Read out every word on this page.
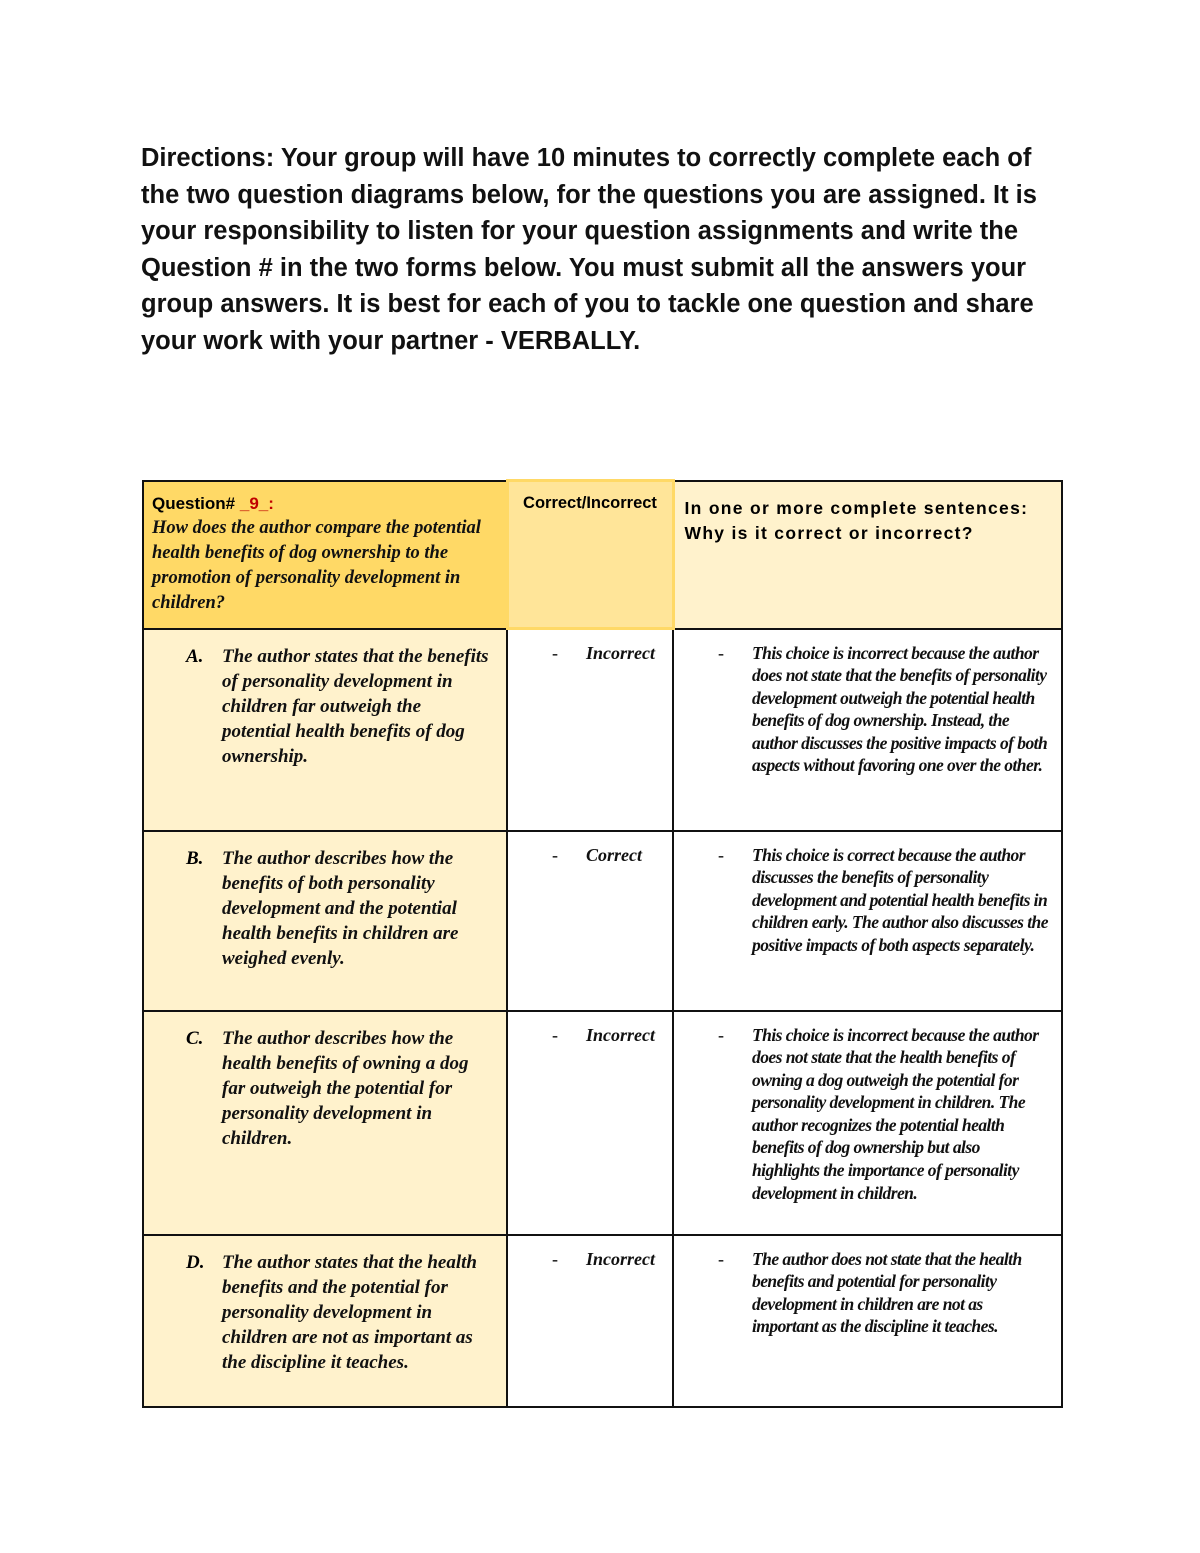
Directions: Your group will have 10 minutes to correctly complete each of the two question diagrams below, for the questions you are assigned. It is your responsibility to listen for your question assignments and write the Question # in the two forms below. You must submit all the answers your group answers. It is best for each of you to tackle one question and share your work with your partner - VERBALLY.
Question# _9_:
How does the author compare the potential health benefits of dog ownership to the promotion of personality development in children?	Correct/Incorrect	In one or more complete sentences: Why is it correct or incorrect?

A. The author states that the benefits of personality development in children far outweigh the potential health benefits of dog ownership.	- Incorrect	- This choice is incorrect because the author does not state that the benefits of personality development outweigh the potential health benefits of dog ownership. Instead, the author discusses the positive impacts of both aspects without favoring one over the other.

B. The author describes how the benefits of both personality development and the potential health benefits in children are weighed evenly.	- Correct	- This choice is correct because the author discusses the benefits of personality development and potential health benefits in children early. The author also discusses the positive impacts of both aspects separately.

C. The author describes how the health benefits of owning a dog far outweigh the potential for personality development in children.	- Incorrect	- This choice is incorrect because the author does not state that the health benefits of owning a dog outweigh the potential for personality development in children. The author recognizes the potential health benefits of dog ownership but also highlights the importance of personality development in children.

D. The author states that the health benefits and the potential for personality development in children are not as important as the discipline it teaches.	- Incorrect	- The author does not state that the health benefits and potential for personality development in children are not as important as the discipline it teaches.
